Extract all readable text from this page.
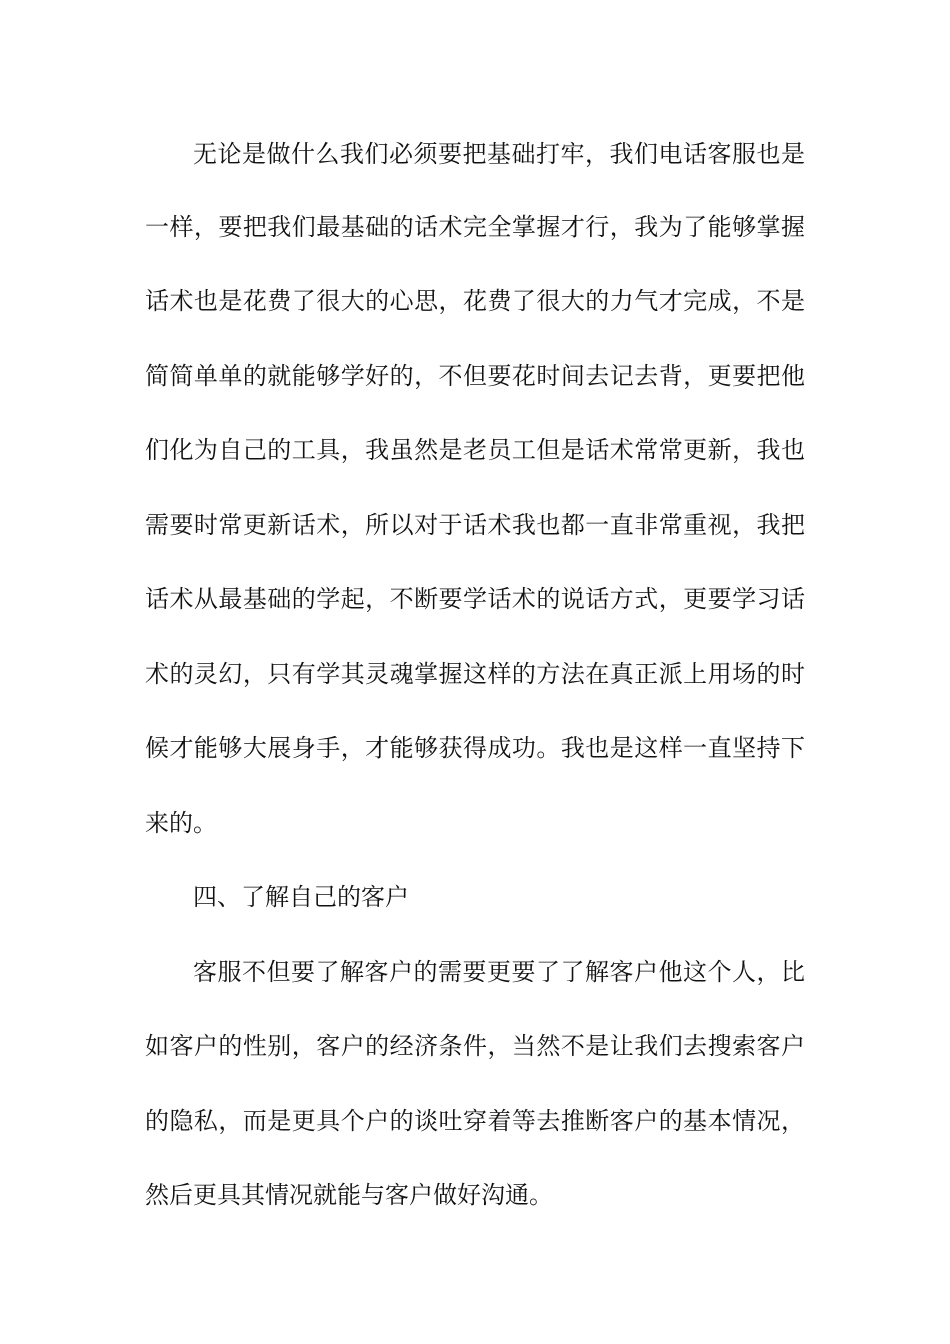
无论是做什么我们必须要把基础打牢，我们电话客服也是

一样，要把我们最基础的话术完全掌握才行，我为了能够掌握

话术也是花费了很大的心思，花费了很大的力气才完成，不是

简简单单的就能够学好的，不但要花时间去记去背，更要把他

们化为自己的工具，我虽然是老员工但是话术常常更新，我也

需要时常更新话术，所以对于话术我也都一直非常重视，我把

话术从最基础的学起，不断要学话术的说话方式，更要学习话

术的灵幻，只有学其灵魂掌握这样的方法在真正派上用场的时

候才能够大展身手，才能够获得成功。我也是这样一直坚持下

来的。

四、了解自己的客户

客服不但要了解客户的需要更要了了解客户他这个人，比

如客户的性别，客户的经济条件，当然不是让我们去搜索客户

的隐私，而是更具个户的谈吐穿着等去推断客户的基本情况，

然后更具其情况就能与客户做好沟通。
